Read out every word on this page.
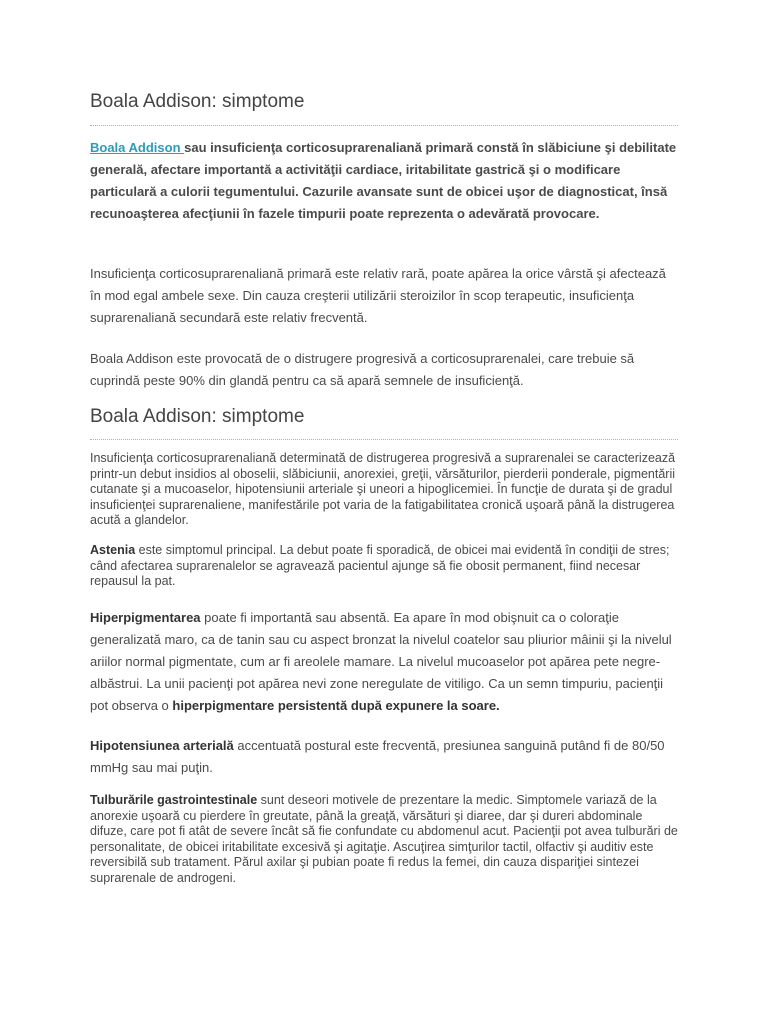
Boala Addison: simptome

Boala Addison sau insuficienţa corticosuprarenaliană primară constă în slăbiciune şi debilitate generală, afectare importantă a activităţii cardiace, iritabilitate gastrică şi o modificare particulară a culorii tegumentului. Cazurile avansate sunt de obicei uşor de diagnosticat, însă recunoaşterea afecţiunii în fazele timpurii poate reprezenta o adevărată provocare.

Insuficienţa corticosuprarenaliană primară este relativ rară, poate apărea la orice vârstă şi afectează în mod egal ambele sexe. Din cauza creşterii utilizării steroizilor în scop terapeutic, insuficienţa suprarenaliană secundară este relativ frecventă.

Boala Addison este provocată de o distrugere progresivă a corticosuprarenalei, care trebuie să cuprindă peste 90% din glandă pentru ca să apară semnele de insuficienţă.

Boala Addison: simptome

Insuficienţa corticosuprarenaliană determinată de distrugerea progresivă a suprarenalei se caracterizează printr-un debut insidios al oboselii, slăbiciunii, anorexiei, greţii, vărsăturilor, pierderii ponderale, pigmentării cutanate şi a mucoaselor, hipotensiunii arteriale şi uneori a hipoglicemiei. În funcţie de durata şi de gradul insuficienţei suprarenaliene, manifestările pot varia de la fatigabilitatea cronică uşoară până la distrugerea acută a glandelor.

Astenia este simptomul principal. La debut poate fi sporadică, de obicei mai evidentă în condiţii de stres; când afectarea suprarenalelor se agravează pacientul ajunge să fie obosit permanent, fiind necesar repausul la pat.

Hiperpigmentarea poate fi importantă sau absentă. Ea apare în mod obişnuit ca o coloraţie generalizată maro, ca de tanin sau cu aspect bronzat la nivelul coatelor sau pliurior mâinii şi la nivelul ariilor normal pigmentate, cum ar fi areolele mamare. La nivelul mucoaselor pot apărea pete negre-albăstrui. La unii pacienţi pot apărea nevi zone neregulate de vitiligo. Ca un semn timpuriu, pacienţii pot observa o hiperpigmentare persistentă după expunere la soare.

Hipotensiunea arterială accentuată postural este frecventă, presiunea sanguină putând fi de 80/50 mmHg sau mai puţin.

Tulburările gastrointestinale sunt deseori motivele de prezentare la medic. Simptomele variază de la anorexie uşoară cu pierdere în greutate, până la greaţă, vărsături şi diaree, dar şi dureri abdominale difuze, care pot fi atât de severe încât să fie confundate cu abdomenul acut. Pacienţii pot avea tulburări de personalitate, de obicei iritabilitate excesivă şi agitaţie. Ascuţirea simţurilor tactil, olfactiv şi auditiv este reversibilă sub tratament. Părul axilar şi pubian poate fi redus la femei, din cauza dispariţiei sintezei suprarenale de androgeni.
